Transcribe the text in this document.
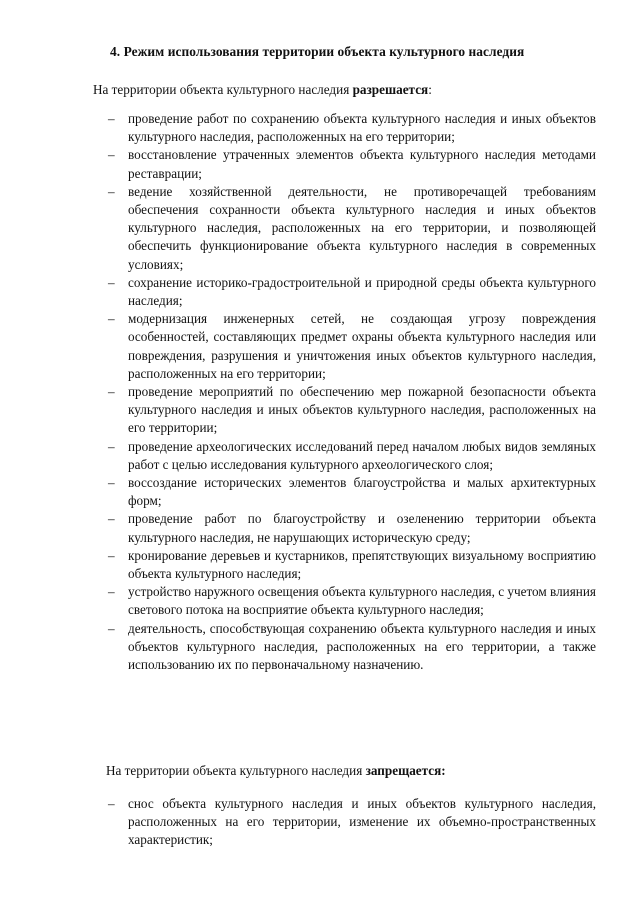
4. Режим использования территории объекта культурного наследия

На территории объекта культурного наследия разрешается:

– проведение работ по сохранению объекта культурного наследия и иных объектов культурного наследия, расположенных на его территории;
– восстановление утраченных элементов объекта культурного наследия методами реставрации;
– ведение хозяйственной деятельности, не противоречащей требованиям обеспечения сохранности объекта культурного наследия и иных объектов культурного наследия, расположенных на его территории, и позволяющей обеспечить функционирование объекта культурного наследия в современных условиях;
– сохранение историко-градостроительной и природной среды объекта культурного наследия;
– модернизация инженерных сетей, не создающая угрозу повреждения особенностей, составляющих предмет охраны объекта культурного наследия или повреждения, разрушения и уничтожения иных объектов культурного наследия, расположенных на его территории;
– проведение мероприятий по обеспечению мер пожарной безопасности объекта культурного наследия и иных объектов культурного наследия, расположенных на его территории;
– проведение археологических исследований перед началом любых видов земляных работ с целью исследования культурного археологического слоя;
– воссоздание исторических элементов благоустройства и малых архитектурных форм;
– проведение работ по благоустройству и озеленению территории объекта культурного наследия, не нарушающих историческую среду;
– кронирование деревьев и кустарников, препятствующих визуальному восприятию объекта культурного наследия;
– устройство наружного освещения объекта культурного наследия, с учетом влияния светового потока на восприятие объекта культурного наследия;
– деятельность, способствующая сохранению объекта культурного наследия и иных объектов культурного наследия, расположенных на его территории, а также использованию их по первоначальному назначению.

На территории объекта культурного наследия запрещается:

– снос объекта культурного наследия и иных объектов культурного наследия, расположенных на его территории, изменение их объемно-пространственных характеристик;
